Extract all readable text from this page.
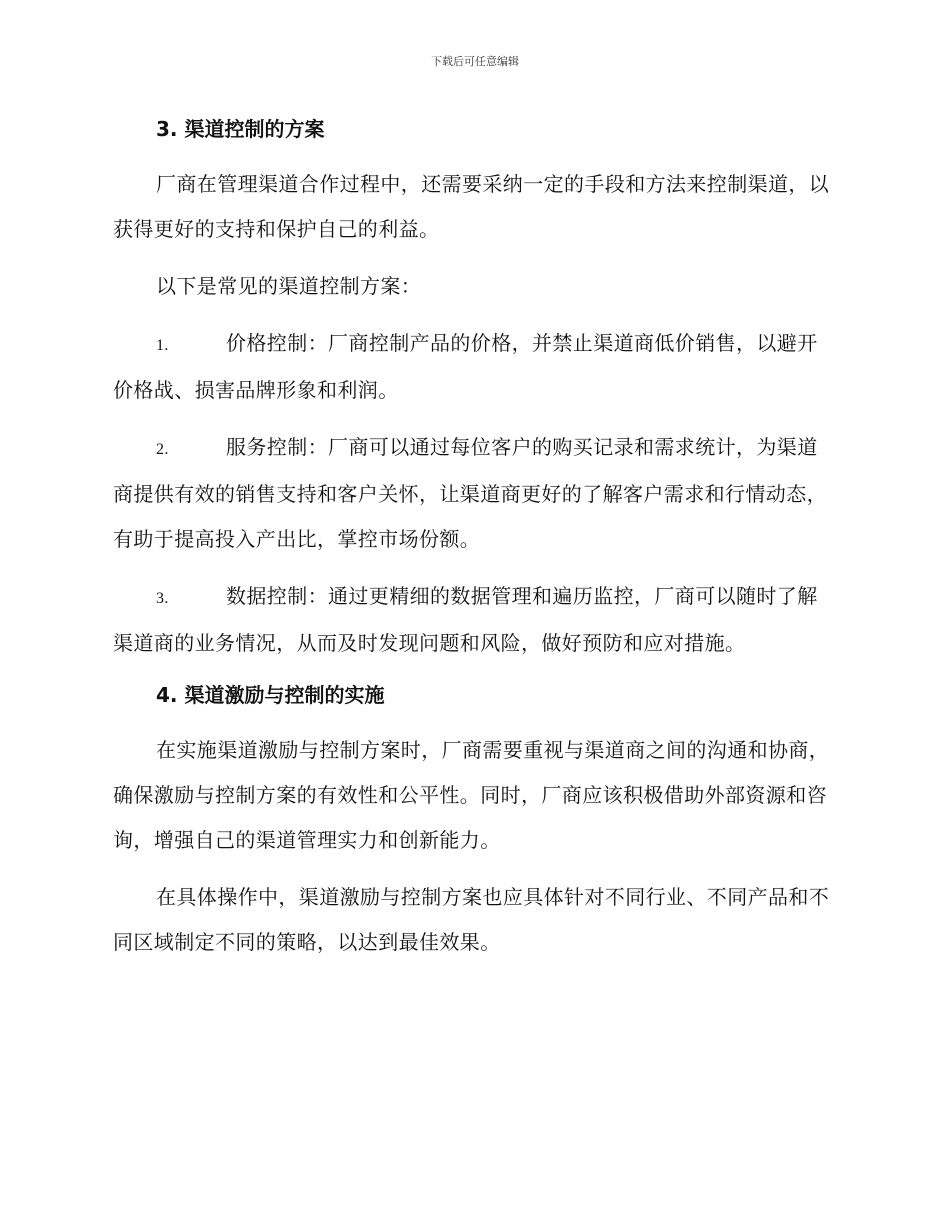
下载后可任意编辑
3. 渠道控制的方案

厂商在管理渠道合作过程中，还需要采纳一定的手段和方法来控制渠道，以获得更好的支持和保护自己的利益。

以下是常见的渠道控制方案：

1.	价格控制：厂商控制产品的价格，并禁止渠道商低价销售，以避开价格战、损害品牌形象和利润。

2.	服务控制：厂商可以通过每位客户的购买记录和需求统计，为渠道商提供有效的销售支持和客户关怀，让渠道商更好的了解客户需求和行情动态，有助于提高投入产出比，掌控市场份额。

3.	数据控制：通过更精细的数据管理和遍历监控，厂商可以随时了解渠道商的业务情况，从而及时发现问题和风险，做好预防和应对措施。

4. 渠道激励与控制的实施

在实施渠道激励与控制方案时，厂商需要重视与渠道商之间的沟通和协商，确保激励与控制方案的有效性和公平性。同时，厂商应该积极借助外部资源和咨询，增强自己的渠道管理实力和创新能力。

在具体操作中，渠道激励与控制方案也应具体针对不同行业、不同产品和不同区域制定不同的策略，以达到最佳效果。
